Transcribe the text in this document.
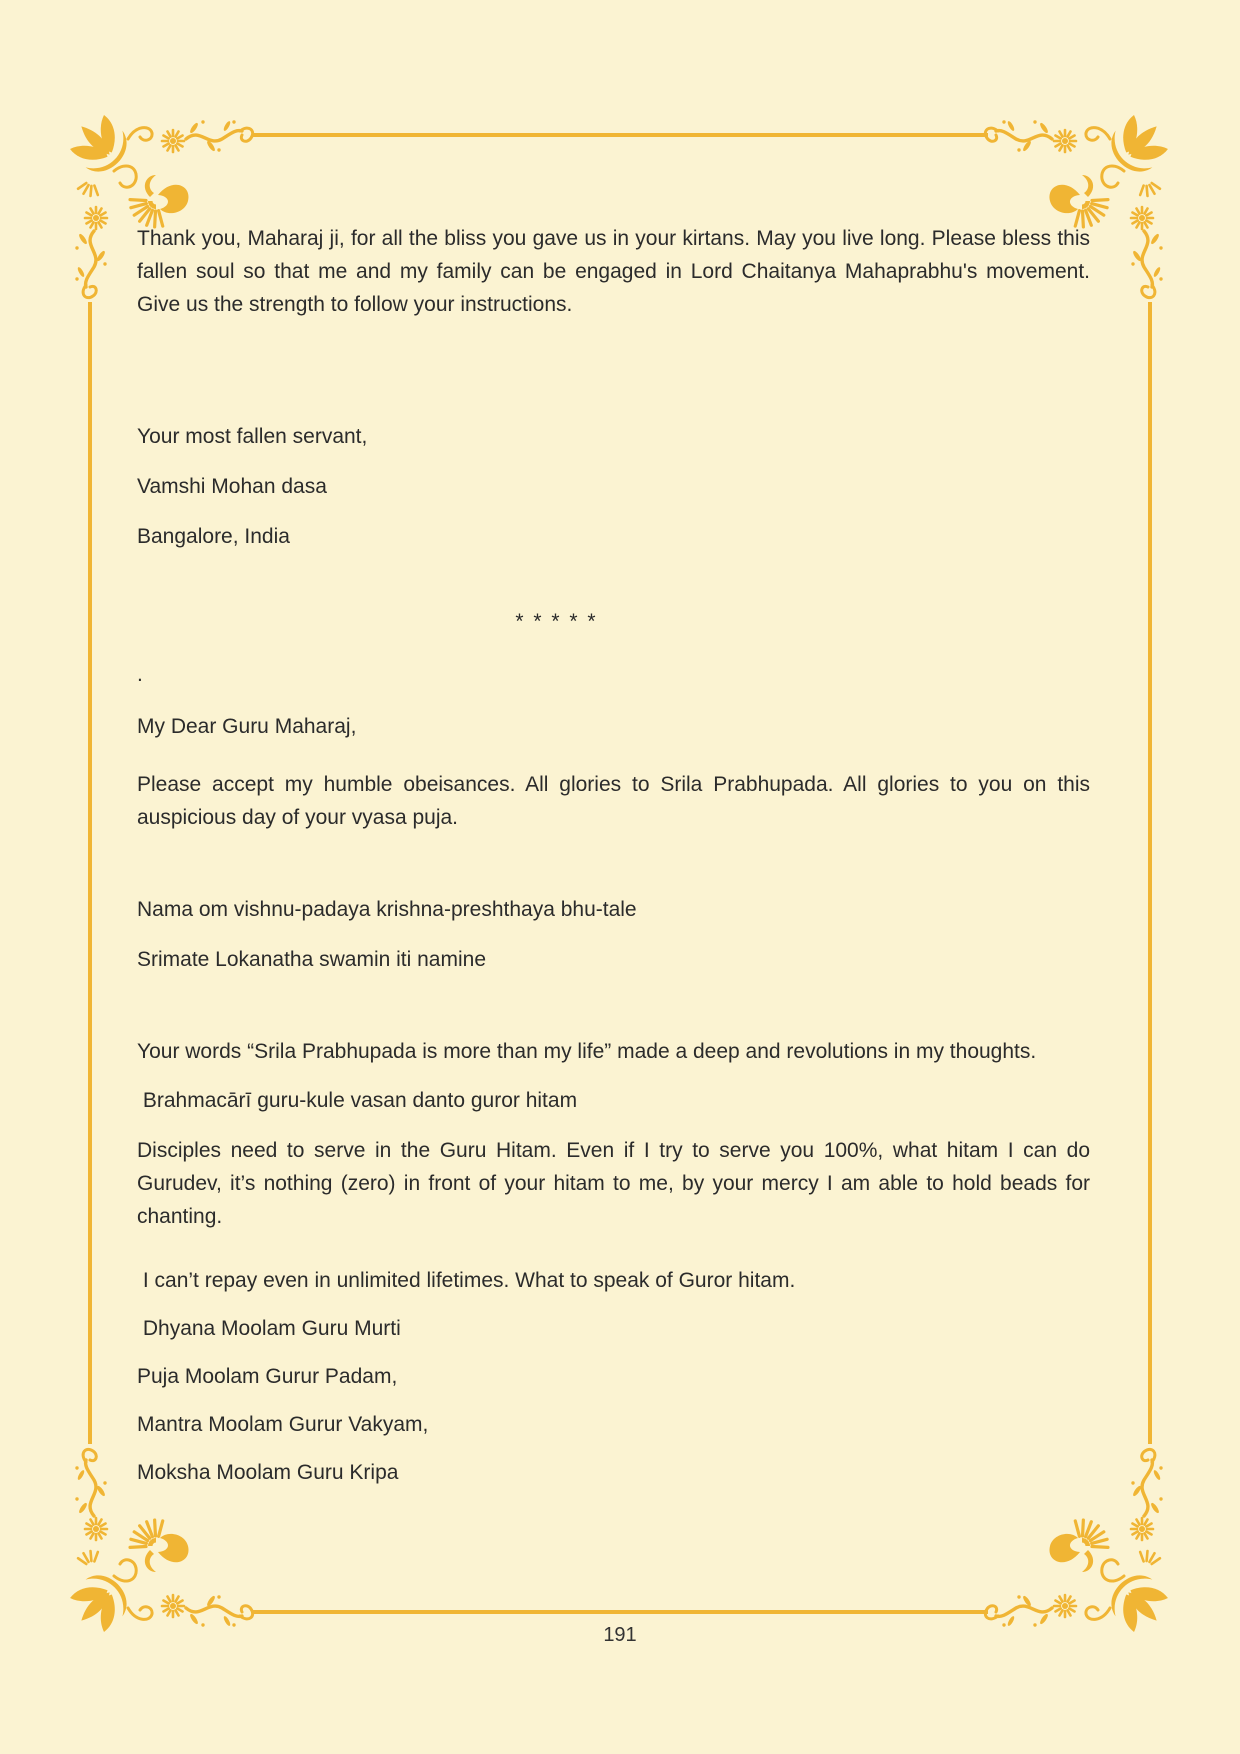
Thank you, Maharaj ji, for all the bliss you gave us in your kirtans. May you live long. Please bless this fallen soul so that me and my family can be engaged in Lord Chaitanya Mahaprabhu's movement. Give us the strength to follow your instructions.

Your most fallen servant,

Vamshi Mohan dasa

Bangalore, India

* * * * *

.

My Dear Guru Maharaj,

Please accept my humble obeisances. All glories to Srila Prabhupada. All glories to you on this auspicious day of your vyasa puja.

Nama om vishnu-padaya krishna-preshthaya bhu-tale

Srimate Lokanatha swamin iti namine

Your words “Srila Prabhupada is more than my life” made a deep and revolutions in my thoughts.

Brahmacārī guru-kule vasan danto guror hitam

Disciples need to serve in the Guru Hitam. Even if I try to serve you 100%, what hitam I can do Gurudev, it’s nothing (zero) in front of your hitam to me, by your mercy I am able to hold beads for chanting.

I can’t repay even in unlimited lifetimes. What to speak of Guror hitam.

Dhyana Moolam Guru Murti

Puja Moolam Gurur Padam,

Mantra Moolam Gurur Vakyam,

Moksha Moolam Guru Kripa

191
